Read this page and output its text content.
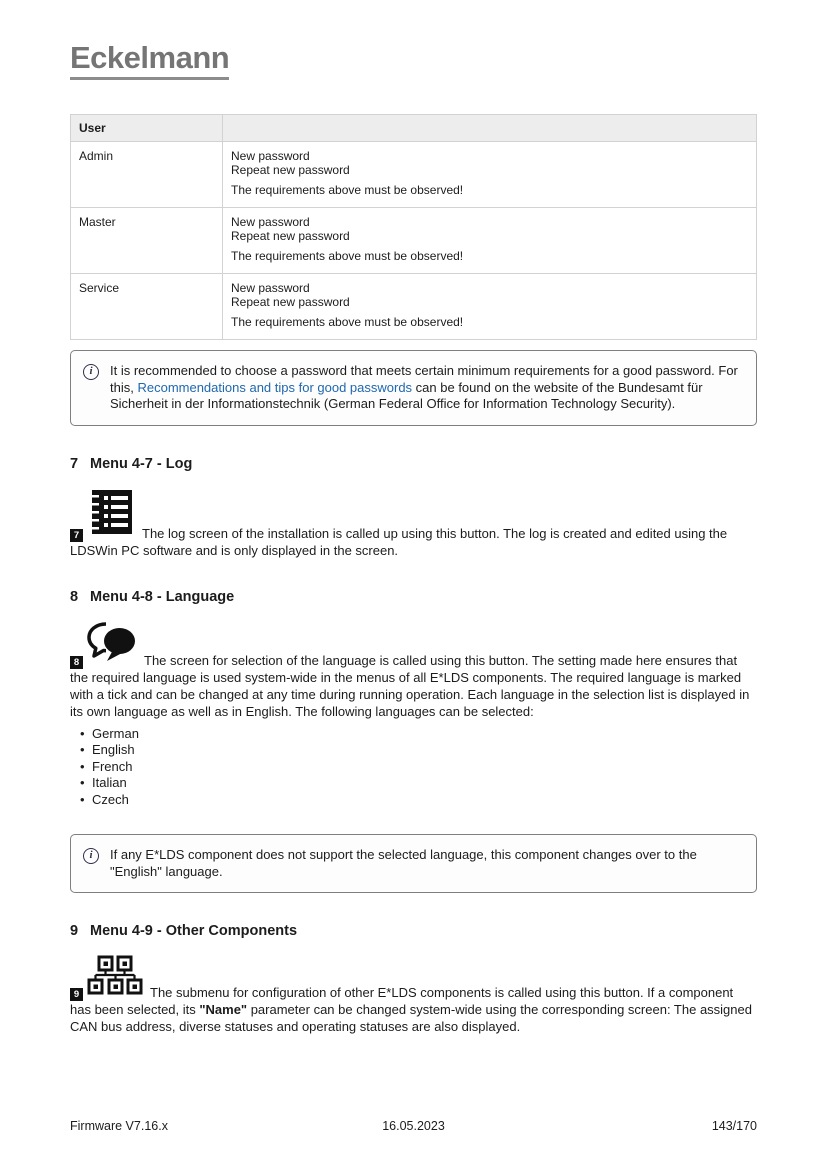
Eckelmann
User	
Admin	New password
Repeat new password
The requirements above must be observed!

Master	New password
Repeat new password
The requirements above must be observed!

Service	New password
Repeat new password
The requirements above must be observed!
i	It is recommended to choose a password that meets certain minimum requirements for a good password. For this, Recommendations and tips for good passwords can be found on the website of the Bundesamt für Sicherheit in der Informationstechnik (German Federal Office for Information Technology Security).
7 Menu 4-7 - Log
7	The log screen of the installation is called up using this button. The log is created and edited using the LDSWin PC software and is only displayed in the screen.
8 Menu 4-8 - Language
8	The screen for selection of the language is called using this button. The setting made here ensures that the required language is used system-wide in the menus of all E*LDS components. The required language is marked with a tick and can be changed at any time during running operation. Each language in the selection list is displayed in its own language as well as in English. The following languages can be selected:
• German
• English
• French
• Italian
• Czech
i	If any E*LDS component does not support the selected language, this component changes over to the "English" language.
9 Menu 4-9 - Other Components
9	The submenu for configuration of other E*LDS components is called using this button. If a component has been selected, its "Name" parameter can be changed system-wide using the corresponding screen: The assigned CAN bus address, diverse statuses and operating statuses are also displayed.
Firmware V7.16.x	16.05.2023	143/170
